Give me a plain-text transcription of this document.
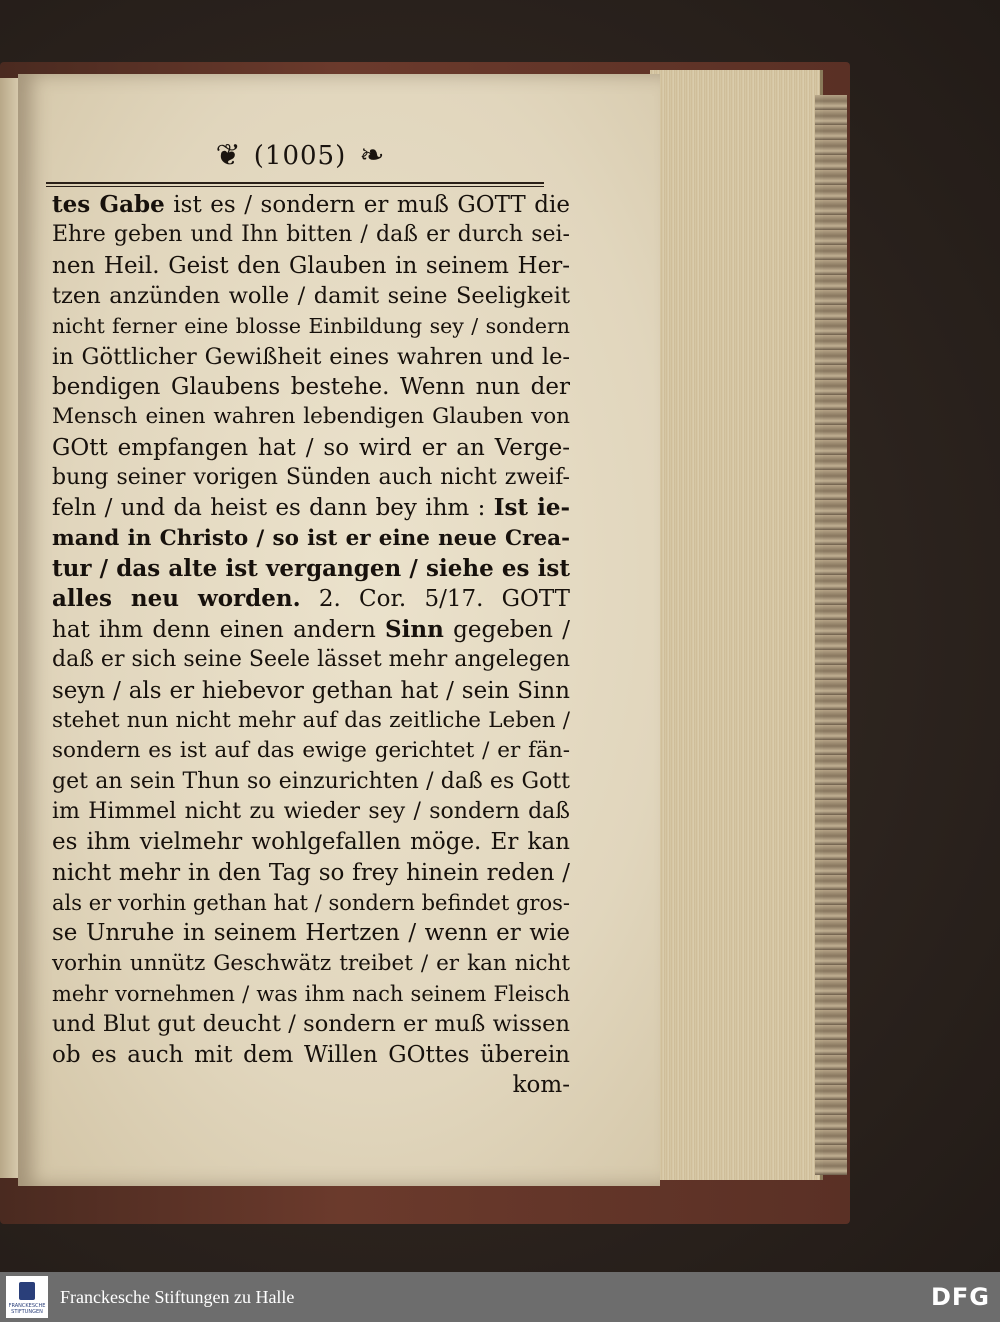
❦ (1005) ❧
tes Gabe ist es / sondern er muß GOTT die
Ehre geben und Ihn bitten / daß er durch sei-
nen Heil. Geist den Glauben in seinem Her-
tzen anzünden wolle / damit seine Seeligkeit
nicht ferner eine blosse Einbildung sey / sondern
in Göttlicher Gewißheit eines wahren und le-
bendigen Glaubens bestehe. Wenn nun der
Mensch einen wahren lebendigen Glauben von
GOtt empfangen hat / so wird er an Verge-
bung seiner vorigen Sünden auch nicht zweif-
feln / und da heist es dann bey ihm : Ist ie-
mand in Christo / so ist er eine neue Crea-
tur / das alte ist vergangen / siehe es ist
alles neu worden. 2. Cor. 5/17. GOTT
hat ihm denn einen andern Sinn gegeben /
daß er sich seine Seele lässet mehr angelegen
seyn / als er hiebevor gethan hat / sein Sinn
stehet nun nicht mehr auf das zeitliche Leben /
sondern es ist auf das ewige gerichtet / er fän-
get an sein Thun so einzurichten / daß es Gott
im Himmel nicht zu wieder sey / sondern daß
es ihm vielmehr wohlgefallen möge. Er kan
nicht mehr in den Tag so frey hinein reden /
als er vorhin gethan hat / sondern befindet gros-
se Unruhe in seinem Hertzen / wenn er wie
vorhin unnütz Geschwätz treibet / er kan nicht
mehr vornehmen / was ihm nach seinem Fleisch
und Blut gut deucht / sondern er muß wissen
ob es auch mit dem Willen GOttes überein
kom-
FRANCKESCHE STIFTUNGEN
Franckesche Stiftungen zu Halle	DFG
